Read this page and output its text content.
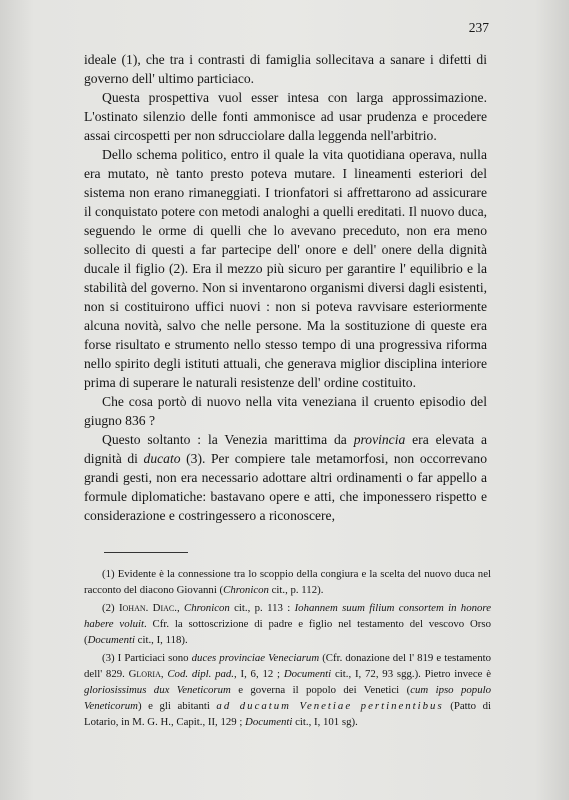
237

ideale (1), che tra i contrasti di famiglia sollecitava a sanare i difetti di governo dell' ultimo particiaco.

Questa prospettiva vuol esser intesa con larga approssimazione. L'ostinato silenzio delle fonti ammonisce ad usar prudenza e procedere assai circospetti per non sdrucciolare dalla leggenda nell'arbitrio.

Dello schema politico, entro il quale la vita quotidiana operava, nulla era mutato, nè tanto presto poteva mutare. I lineamenti esteriori del sistema non erano rimaneggiati. I trionfatori si affrettarono ad assicurare il conquistato potere con metodi analoghi a quelli ereditati. Il nuovo duca, seguendo le orme di quelli che lo avevano preceduto, non era meno sollecito di questi a far partecipe dell' onore e dell' onere della dignità ducale il figlio (2). Era il mezzo più sicuro per garantire l' equilibrio e la stabilità del governo. Non si inventarono organismi diversi dagli esistenti, non si costituirono uffici nuovi : non si poteva ravvisare esteriormente alcuna novità, salvo che nelle persone. Ma la sostituzione di queste era forse risultato e strumento nello stesso tempo di una progressiva riforma nello spirito degli istituti attuali, che generava miglior disciplina interiore prima di superare le naturali resistenze dell' ordine costituito.

Che cosa portò di nuovo nella vita veneziana il cruento episodio del giugno 836 ?

Questo soltanto : la Venezia marittima da provincia era elevata a dignità di ducato (3). Per compiere tale metamorfosi, non occorrevano grandi gesti, non era necessario adottare altri ordinamenti o far appello a formule diplomatiche: bastavano opere e atti, che imponessero rispetto e considerazione e costringessero a riconoscere,

(1) Evidente è la connessione tra lo scoppio della congiura e la scelta del nuovo duca nel racconto del diacono Giovanni (Chronicon cit., p. 112).

(2) Iohan. Diac., Chronicon cit., p. 113 : Iohannem suum filium consortem in honore habere voluit. Cfr. la sottoscrizione di padre e figlio nel testamento del vescovo Orso (Documenti cit., I, 118).

(3) I Particiaci sono duces provinciae Veneciarum (Cfr. donazione del l' 819 e testamento dell' 829. Gloria, Cod. dipl. pad., I, 6, 12 ; Documenti cit., I, 72, 93 sgg.). Pietro invece è gloriosissimus dux Veneticorum e governa il popolo dei Venetici (cum ipso populo Veneticorum) e gli abitanti ad ducatum Venetiae pertinentibus (Patto di Lotario, in M. G. H., Capit., II, 129 ; Documenti cit., I, 101 sg).
